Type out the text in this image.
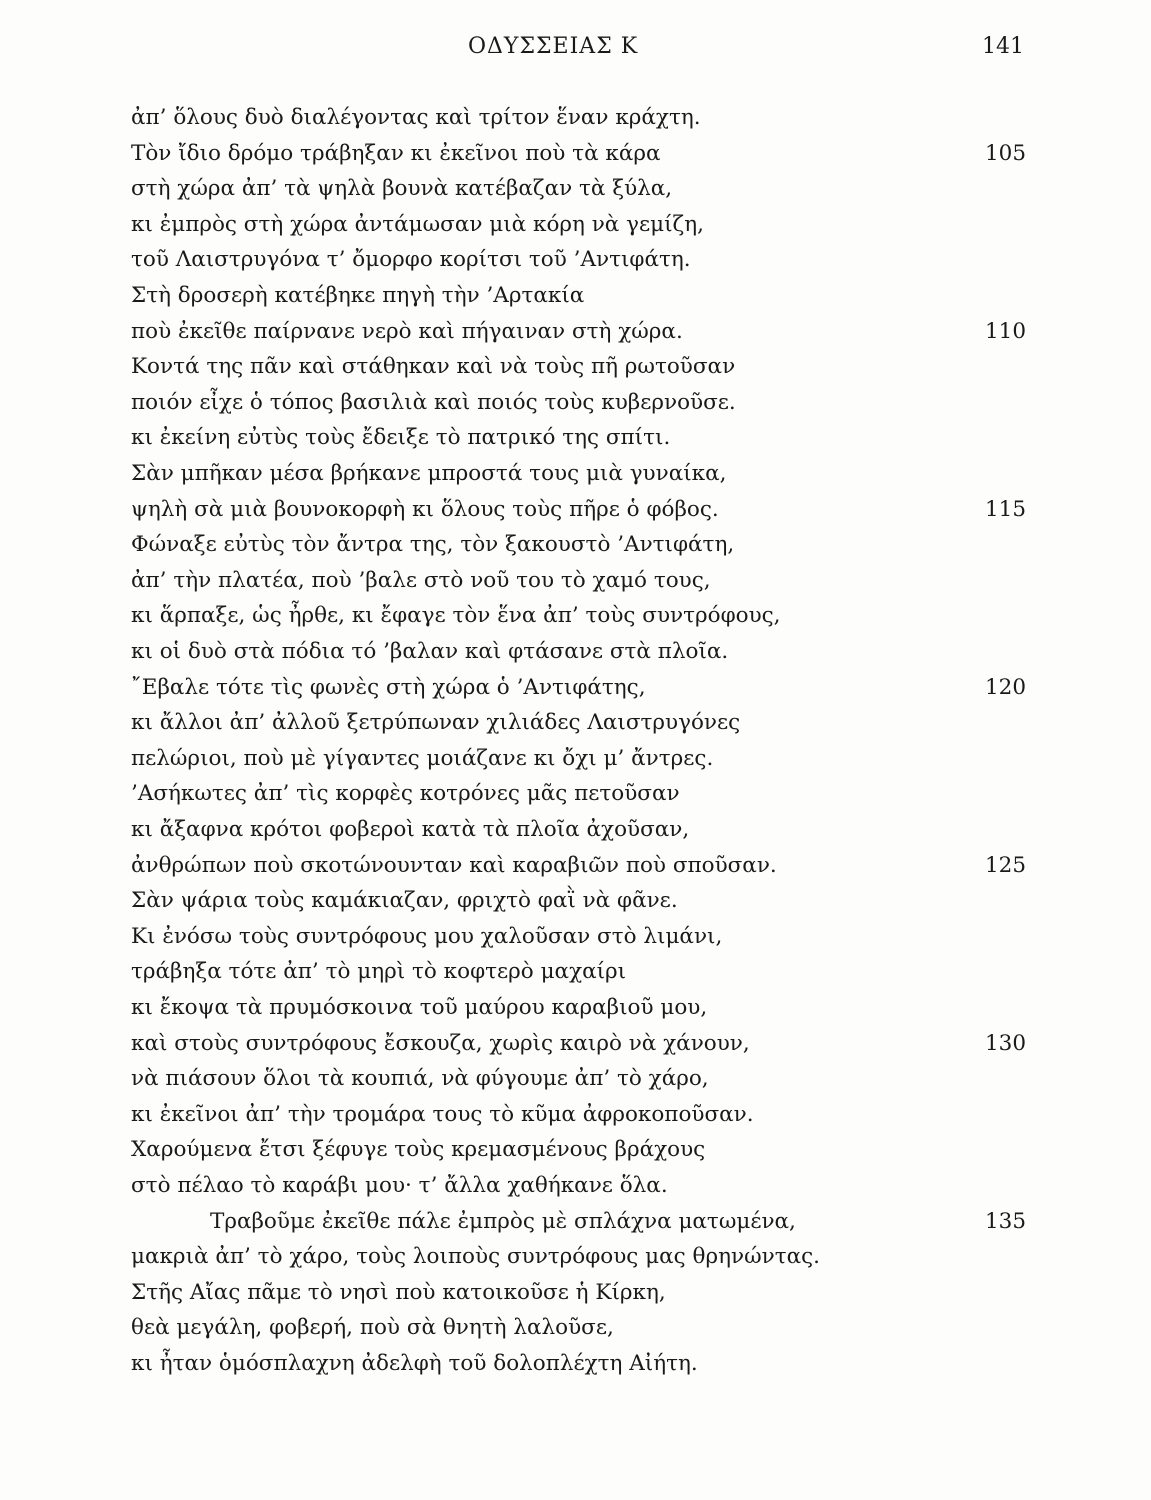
ΟΔΥΣΣΕΙΑΣ Κ	141
ἀπ’ ὅλους δυὸ διαλέγοντας καὶ τρίτον ἕναν κράχτη.
Τὸν ἴδιο δρόμο τράβηξαν κι ἐκεῖνοι ποὺ τὰ κάρα	105
στὴ χώρα ἀπ’ τὰ ψηλὰ βουνὰ κατέβαζαν τὰ ξύλα,
κι ἐμπρὸς στὴ χώρα ἀντάμωσαν μιὰ κόρη νὰ γεμίζη,
τοῦ Λαιστρυγόνα τ’ ὄμορφο κορίτσι τοῦ ’Αντιφάτη.
Στὴ δροσερὴ κατέβηκε πηγὴ τὴν ’Αρτακία
ποὺ ἐκεῖθε παίρνανε νερὸ καὶ πήγαιναν στὴ χώρα.	110
Κοντά της πᾶν καὶ στάθηκαν καὶ νὰ τοὺς πῆ ρωτοῦσαν
ποιόν εἶχε ὁ τόπος βασιλιὰ καὶ ποιός τοὺς κυβερνοῦσε.
κι ἐκείνη εὐτὺς τοὺς ἔδειξε τὸ πατρικό της σπίτι.
Σὰν μπῆκαν μέσα βρήκανε μπροστά τους μιὰ γυναίκα,
ψηλὴ σὰ μιὰ βουνοκορφὴ κι ὅλους τοὺς πῆρε ὁ φόβος.	115
Φώναξε εὐτὺς τὸν ἄντρα της, τὸν ξακουστὸ ’Αντιφάτη,
ἀπ’ τὴν πλατέα, ποὺ ’βαλε στὸ νοῦ του τὸ χαμό τους,
κι ἅρπαξε, ὡς ἦρθε, κι ἔφαγε τὸν ἕνα ἀπ’ τοὺς συντρόφους,
κι οἱ δυὸ στὰ πόδια τό ’βαλαν καὶ φτάσανε στὰ πλοῖα.
῎Εβαλε τότε τὶς φωνὲς στὴ χώρα ὁ ’Αντιφάτης,	120
κι ἄλλοι ἀπ’ ἀλλοῦ ξετρύπωναν χιλιάδες Λαιστρυγόνες
πελώριοι, ποὺ μὲ γίγαντες μοιάζανε κι ὄχι μ’ ἄντρες.
’Ασήκωτες ἀπ’ τὶς κορφὲς κοτρόνες μᾶς πετοῦσαν
κι ἄξαφνα κρότοι φοβεροὶ κατὰ τὰ πλοῖα ἀχοῦσαν,
ἀνθρώπων ποὺ σκοτώνουνταν καὶ καραβιῶν ποὺ σποῦσαν.	125
Σὰν ψάρια τοὺς καμάκιαζαν, φριχτὸ φαῒ νὰ φᾶνε.
Κι ἐνόσω τοὺς συντρόφους μου χαλοῦσαν στὸ λιμάνι,
τράβηξα τότε ἀπ’ τὸ μηρὶ τὸ κοφτερὸ μαχαίρι
κι ἔκοψα τὰ πρυμόσκοινα τοῦ μαύρου καραβιοῦ μου,
καὶ στοὺς συντρόφους ἔσκουζα, χωρὶς καιρὸ νὰ χάνουν,	130
νὰ πιάσουν ὅλοι τὰ κουπιά, νὰ φύγουμε ἀπ’ τὸ χάρο,
κι ἐκεῖνοι ἀπ’ τὴν τρομάρα τους τὸ κῦμα ἀφροκοποῦσαν.
Χαρούμενα ἔτσι ξέφυγε τοὺς κρεμασμένους βράχους
στὸ πέλαο τὸ καράβι μου· τ’ ἄλλα χαθήκανε ὅλα.
Τραβοῦμε ἐκεῖθε πάλε ἐμπρὸς μὲ σπλάχνα ματωμένα,	135
μακριὰ ἀπ’ τὸ χάρο, τοὺς λοιποὺς συντρόφους μας θρηνώντας.
Στῆς Αἴας πᾶμε τὸ νησὶ ποὺ κατοικοῦσε ἡ Κίρκη,
θεὰ μεγάλη, φοβερή, ποὺ σὰ θνητὴ λαλοῦσε,
κι ἦταν ὁμόσπλαχνη ἀδελφὴ τοῦ δολοπλέχτη Αἰήτη.
